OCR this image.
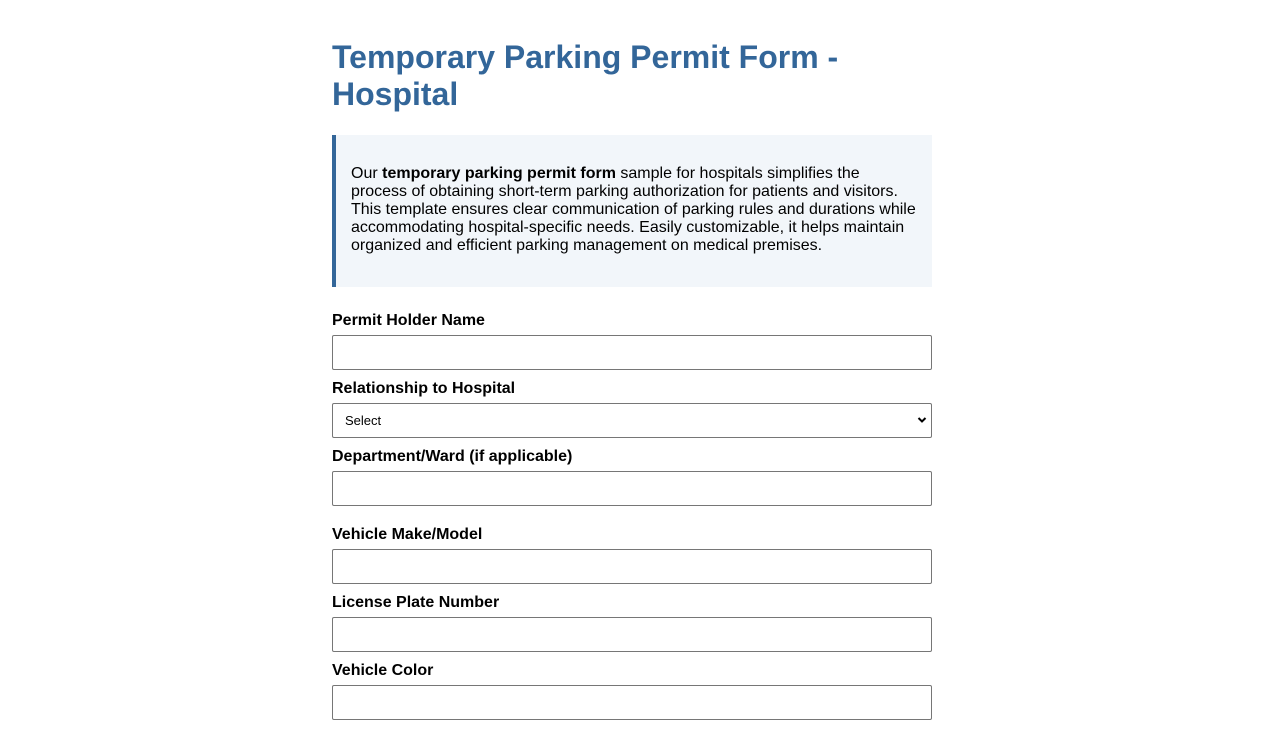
Temporary Parking Permit Form - Hospital

Our temporary parking permit form sample for hospitals simplifies the process of obtaining short-term parking authorization for patients and visitors. This template ensures clear communication of parking rules and durations while accommodating hospital-specific needs. Easily customizable, it helps maintain organized and efficient parking management on medical premises.

Permit Holder Name
Relationship to Hospital
Select
Department/Ward (if applicable)
Vehicle Make/Model
License Plate Number
Vehicle Color
